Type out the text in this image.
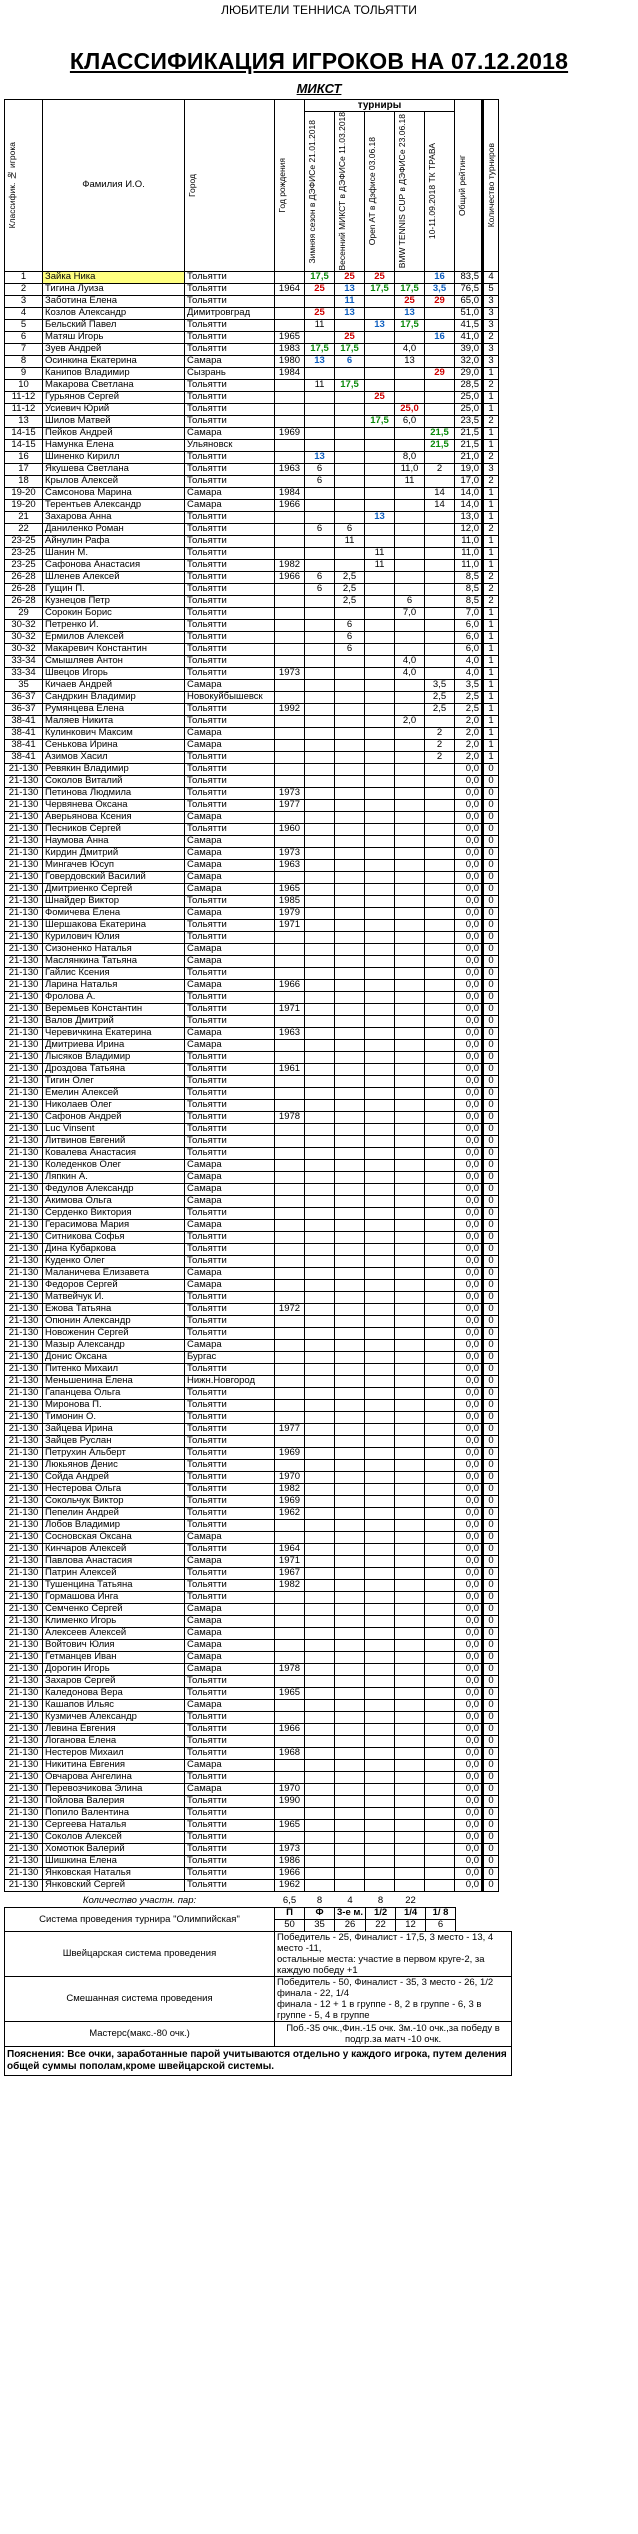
ЛЮБИТЕЛИ ТЕННИСА ТОЛЬЯТТИ
КЛАССИФИКАЦИЯ ИГРОКОВ НА 07.12.2018
МИКСТ
Классифик. № игрока	Фамилия И.О.	Город	Год рождения	турниры					Общий рейтинг	Количество турниров	

				Зимняя сезон в ДЭФИСе 21.01.2018	Весенний МИКСТ в ДЭФИСе 11.03.2018	Open AT в Дэфисе 03.06.18	BMW TENNIS CUP в ДЭФИСе 23.06.18	10-11.09.2018 ТК ТРАВА			

1	Зайка Ника	Тольятти		17,5	25	25		16	83,5	4	
2	Тигина Луиза	Тольятти	1964	25	13	17,5	17,5	3,5	76,5	5	
3	Заботина Елена	Тольятти			11		25	29	65,0	3	
4	Козлов Александр	Димитровград		25	13		13		51,0	3	
5	Бельский Павел	Тольятти		11		13	17,5		41,5	3	
6	Матяш Игорь	Тольятти	1965		25			16	41,0	2	
7	Зуев Андрей	Тольятти	1983	17,5	17,5		4,0		39,0	3	
8	Осинкина Екатерина	Самара	1980	13	6		13		32,0	3	
9	Канипов Владимир	Сызрань	1984					29	29,0	1	
10	Макарова Светлана	Тольятти		11	17,5				28,5	2	
11-12	Гурьянов Сергей	Тольятти				25			25,0	1	
11-12	Усиевич Юрий	Тольятти					25,0		25,0	1	
13	Шилов Матвей	Тольятти				17,5	6,0		23,5	2	
14-15	Пейков Андрей	Самара	1969					21,5	21,5	1	
14-15	Намунка Елена	Ульяновск						21,5	21,5	1	
16	Шиненко Кирилл	Тольятти		13			8,0		21,0	2	
17	Якушева Светлана	Тольятти	1963	6			11,0	2	19,0	3	
18	Крылов Алексей	Тольятти		6			11		17,0	2	
19-20	Самсонова Марина	Самара	1984					14	14,0	1	
19-20	Терентьев Александр	Самара	1966					14	14,0	1	
21	Захарова Анна	Тольятти				13			13,0	1	
22	Даниленко Роман	Тольятти		6	6				12,0	2	
23-25	Айнулин Рафа	Тольятти			11				11,0	1	
23-25	Шанин М.	Тольятти				11			11,0	1	
23-25	Сафонова Анастасия	Тольятти	1982			11			11,0	1	
26-28	Шленев Алексей	Тольятти	1966	6	2,5				8,5	2	
26-28	Гущин П.	Тольятти		6	2,5				8,5	2	
26-28	Кузнецов Петр	Тольятти			2,5		6		8,5	2	
29	Сорокин Борис	Тольятти					7,0		7,0	1	
30-32	Петренко И.	Тольятти			6				6,0	1	
30-32	Ермилов Алексей	Тольятти			6				6,0	1	
30-32	Макаревич Константин	Тольятти			6				6,0	1	
33-34	Смышляев Антон	Тольятти					4,0		4,0	1	
33-34	Швецов Игорь	Тольятти	1973				4,0		4,0	1	
35	Кичаев Андрей	Самара						3,5	3,5	1	
36-37	Сандркин Владимир	Новокуйбышевск						2,5	2,5	1	
36-37	Румянцева Елена	Тольятти	1992					2,5	2,5	1	
38-41	Маляев Никита	Тольятти					2,0		2,0	1	
38-41	Кулинкович Максим	Самара						2	2,0	1	
38-41	Сенькова Ирина	Самара						2	2,0	1	
38-41	Азимов Хасил	Тольятти						2	2,0	1	
21-130	Ревякин Владимир	Тольятти							0,0	0	
21-130	Соколов Виталий	Тольятти							0,0	0	
21-130	Петинова Людмила	Тольятти	1973						0,0	0	
21-130	Червянева Оксана	Тольятти	1977						0,0	0	
21-130	Аверьянова Ксения	Самара							0,0	0	
21-130	Песников Сергей	Тольятти	1960						0,0	0	
21-130	Наумова Анна	Самара							0,0	0	
21-130	Кирдин Дмитрий	Самара	1973						0,0	0	
21-130	Мингачев Юсуп	Самара	1963						0,0	0	
21-130	Говердовский Василий	Самара							0,0	0	
21-130	Дмитриенко Сергей	Самара	1965						0,0	0	
21-130	Шнайдер Виктор	Тольятти	1985						0,0	0	
21-130	Фомичева Елена	Самара	1979						0,0	0	
21-130	Шершакова Екатерина	Тольятти	1971						0,0	0	
21-130	Курилович Юлия	Тольятти							0,0	0	
21-130	Сизоненко Наталья	Самара							0,0	0	
21-130	Маслянкина Татьяна	Самара							0,0	0	
21-130	Гайлис Ксения	Тольятти							0,0	0	
21-130	Ларина Наталья	Самара	1966						0,0	0	
21-130	Фролова А.	Тольятти							0,0	0	
21-130	Веремьев Константин	Тольятти	1971						0,0	0	
21-130	Валов Дмитрий	Тольятти							0,0	0	
21-130	Черевичкина Екатерина	Самара	1963						0,0	0	
21-130	Дмитриева Ирина	Самара							0,0	0	
21-130	Лысяков Владимир	Тольятти							0,0	0	
21-130	Дроздова Татьяна	Тольятти	1961						0,0	0	
21-130	Тигин Олег	Тольятти							0,0	0	
21-130	Емелин Алексей	Тольятти							0,0	0	
21-130	Николаев Олег	Тольятти							0,0	0	
21-130	Сафонов Андрей	Тольятти	1978						0,0	0	
21-130	Luc Vinsent	Тольятти							0,0	0	
21-130	Литвинов Евгений	Тольятти							0,0	0	
21-130	Ковалева Анастасия	Тольятти							0,0	0	
21-130	Коледенков Олег	Самара							0,0	0	
21-130	Ляпкин А.	Самара							0,0	0	
21-130	Федулов Александр	Самара							0,0	0	
21-130	Акимова Ольга	Самара							0,0	0	
21-130	Серденко Виктория	Тольятти							0,0	0	
21-130	Герасимова Мария	Самара							0,0	0	
21-130	Ситникова Софья	Тольятти							0,0	0	
21-130	Дина Кубаркова	Тольятти							0,0	0	
21-130	Куденко Олег	Тольятти							0,0	0	
21-130	Маланичева Елизавета	Самара							0,0	0	
21-130	Федоров Сергей	Самара							0,0	0	
21-130	Матвейчук И.	Тольятти							0,0	0	
21-130	Ежова Татьяна	Тольятти	1972						0,0	0	
21-130	Опюнин Александр	Тольятти							0,0	0	
21-130	Новоженин Сергей	Тольятти							0,0	0	
21-130	Мазыр Александр	Самара							0,0	0	
21-130	Донис Оксана	Бургас							0,0	0	
21-130	Питенко Михаил	Тольятти							0,0	0	
21-130	Меньшенина Елена	Нижн.Новгород							0,0	0	
21-130	Гапанцева Ольга	Тольятти							0,0	0	
21-130	Миронова П.	Тольятти							0,0	0	
21-130	Тимонин О.	Тольятти							0,0	0	
21-130	Зайцева Ирина	Тольятти	1977						0,0	0	
21-130	Зайцев Руслан	Тольятти							0,0	0	
21-130	Петрухин Альберт	Тольятти	1969						0,0	0	
21-130	Люкьянов Денис	Тольятти							0,0	0	
21-130	Сойда Андрей	Тольятти	1970						0,0	0	
21-130	Нестерова Ольга	Тольятти	1982						0,0	0	
21-130	Сокольчук Виктор	Тольятти	1969						0,0	0	
21-130	Пепелин Андрей	Тольятти	1962						0,0	0	
21-130	Лобов Владимир	Тольятти							0,0	0	
21-130	Сосновская Оксана	Самара							0,0	0	
21-130	Кинчаров Алексей	Тольятти	1964						0,0	0	
21-130	Павлова Анастасия	Самара	1971						0,0	0	
21-130	Патрин Алексей	Тольятти	1967						0,0	0	
21-130	Тушенцина Татьяна	Тольятти	1982						0,0	0	
21-130	Гормашова Инга	Тольятти							0,0	0	
21-130	Семченко Сергей	Самара							0,0	0	
21-130	Клименко Игорь	Самара							0,0	0	
21-130	Алексеев Алексей	Самара							0,0	0	
21-130	Войтович Юлия	Самара							0,0	0	
21-130	Гетманцев Иван	Самара							0,0	0	
21-130	Дорогин Игорь	Самара	1978						0,0	0	
21-130	Захаров Сергей	Тольятти							0,0	0	
21-130	Каледонова Вера	Тольятти	1965						0,0	0	
21-130	Кашапов Ильяс	Самара							0,0	0	
21-130	Кузмичев Александр	Тольятти							0,0	0	
21-130	Левина Евгения	Тольятти	1966						0,0	0	
21-130	Логанова Елена	Тольятти							0,0	0	
21-130	Нестеров Михаил	Тольятти	1968						0,0	0	
21-130	Никитина Евгения	Самара							0,0	0	
21-130	Овчарова Ангелина	Тольятти							0,0	0	
21-130	Перевозчикова Элина	Самара	1970						0,0	0	
21-130	Пойлова Валерия	Тольятти	1990						0,0	0	
21-130	Попило Валентина	Тольятти							0,0	0	
21-130	Сергеева Наталья	Тольятти	1965						0,0	0	
21-130	Соколов Алексей	Тольятти							0,0	0	
21-130	Хомотюк Валерий	Тольятти	1973						0,0	0	
21-130	Шишкина Елена	Тольятти	1986						0,0	0	
21-130	Янковская Наталья	Тольятти	1966						0,0	0	
21-130	Янковский Сергей	Тольятти	1962						0,0	0	
Количество участн. пар:	6,5	8	4	8	22		
Система проведения турнира "Олимпийская"	П	Ф	3-е м.	1/2	1/4	1/ 8	
	50	35	26	22	12	6	
Швейцарская система проведения	Победитель - 25, Финалист - 17,5, 3 место - 13, 4 место -11,
остальные места: участие в первом круге-2, за каждую победу +1						

Смешанная система проведения	Победитель - 50, Финалист - 35, 3 место - 26, 1/2 финала - 22, 1/4
финала - 12 + 1 в группе - 8, 2 в группе - 6, 3 в группе - 5, 4 в группе						

Мастерс(макс.-80 очк.)	Поб.-35 очк.,Фин.-15 очк. 3м.-10 очк.,за победу в
подгр.за матч -10 очк.						

Пояснения: Все очки, заработанные парой учитываются отдельно у каждого игрока, путем деления общей суммы пополам,кроме швейцарской системы.							
